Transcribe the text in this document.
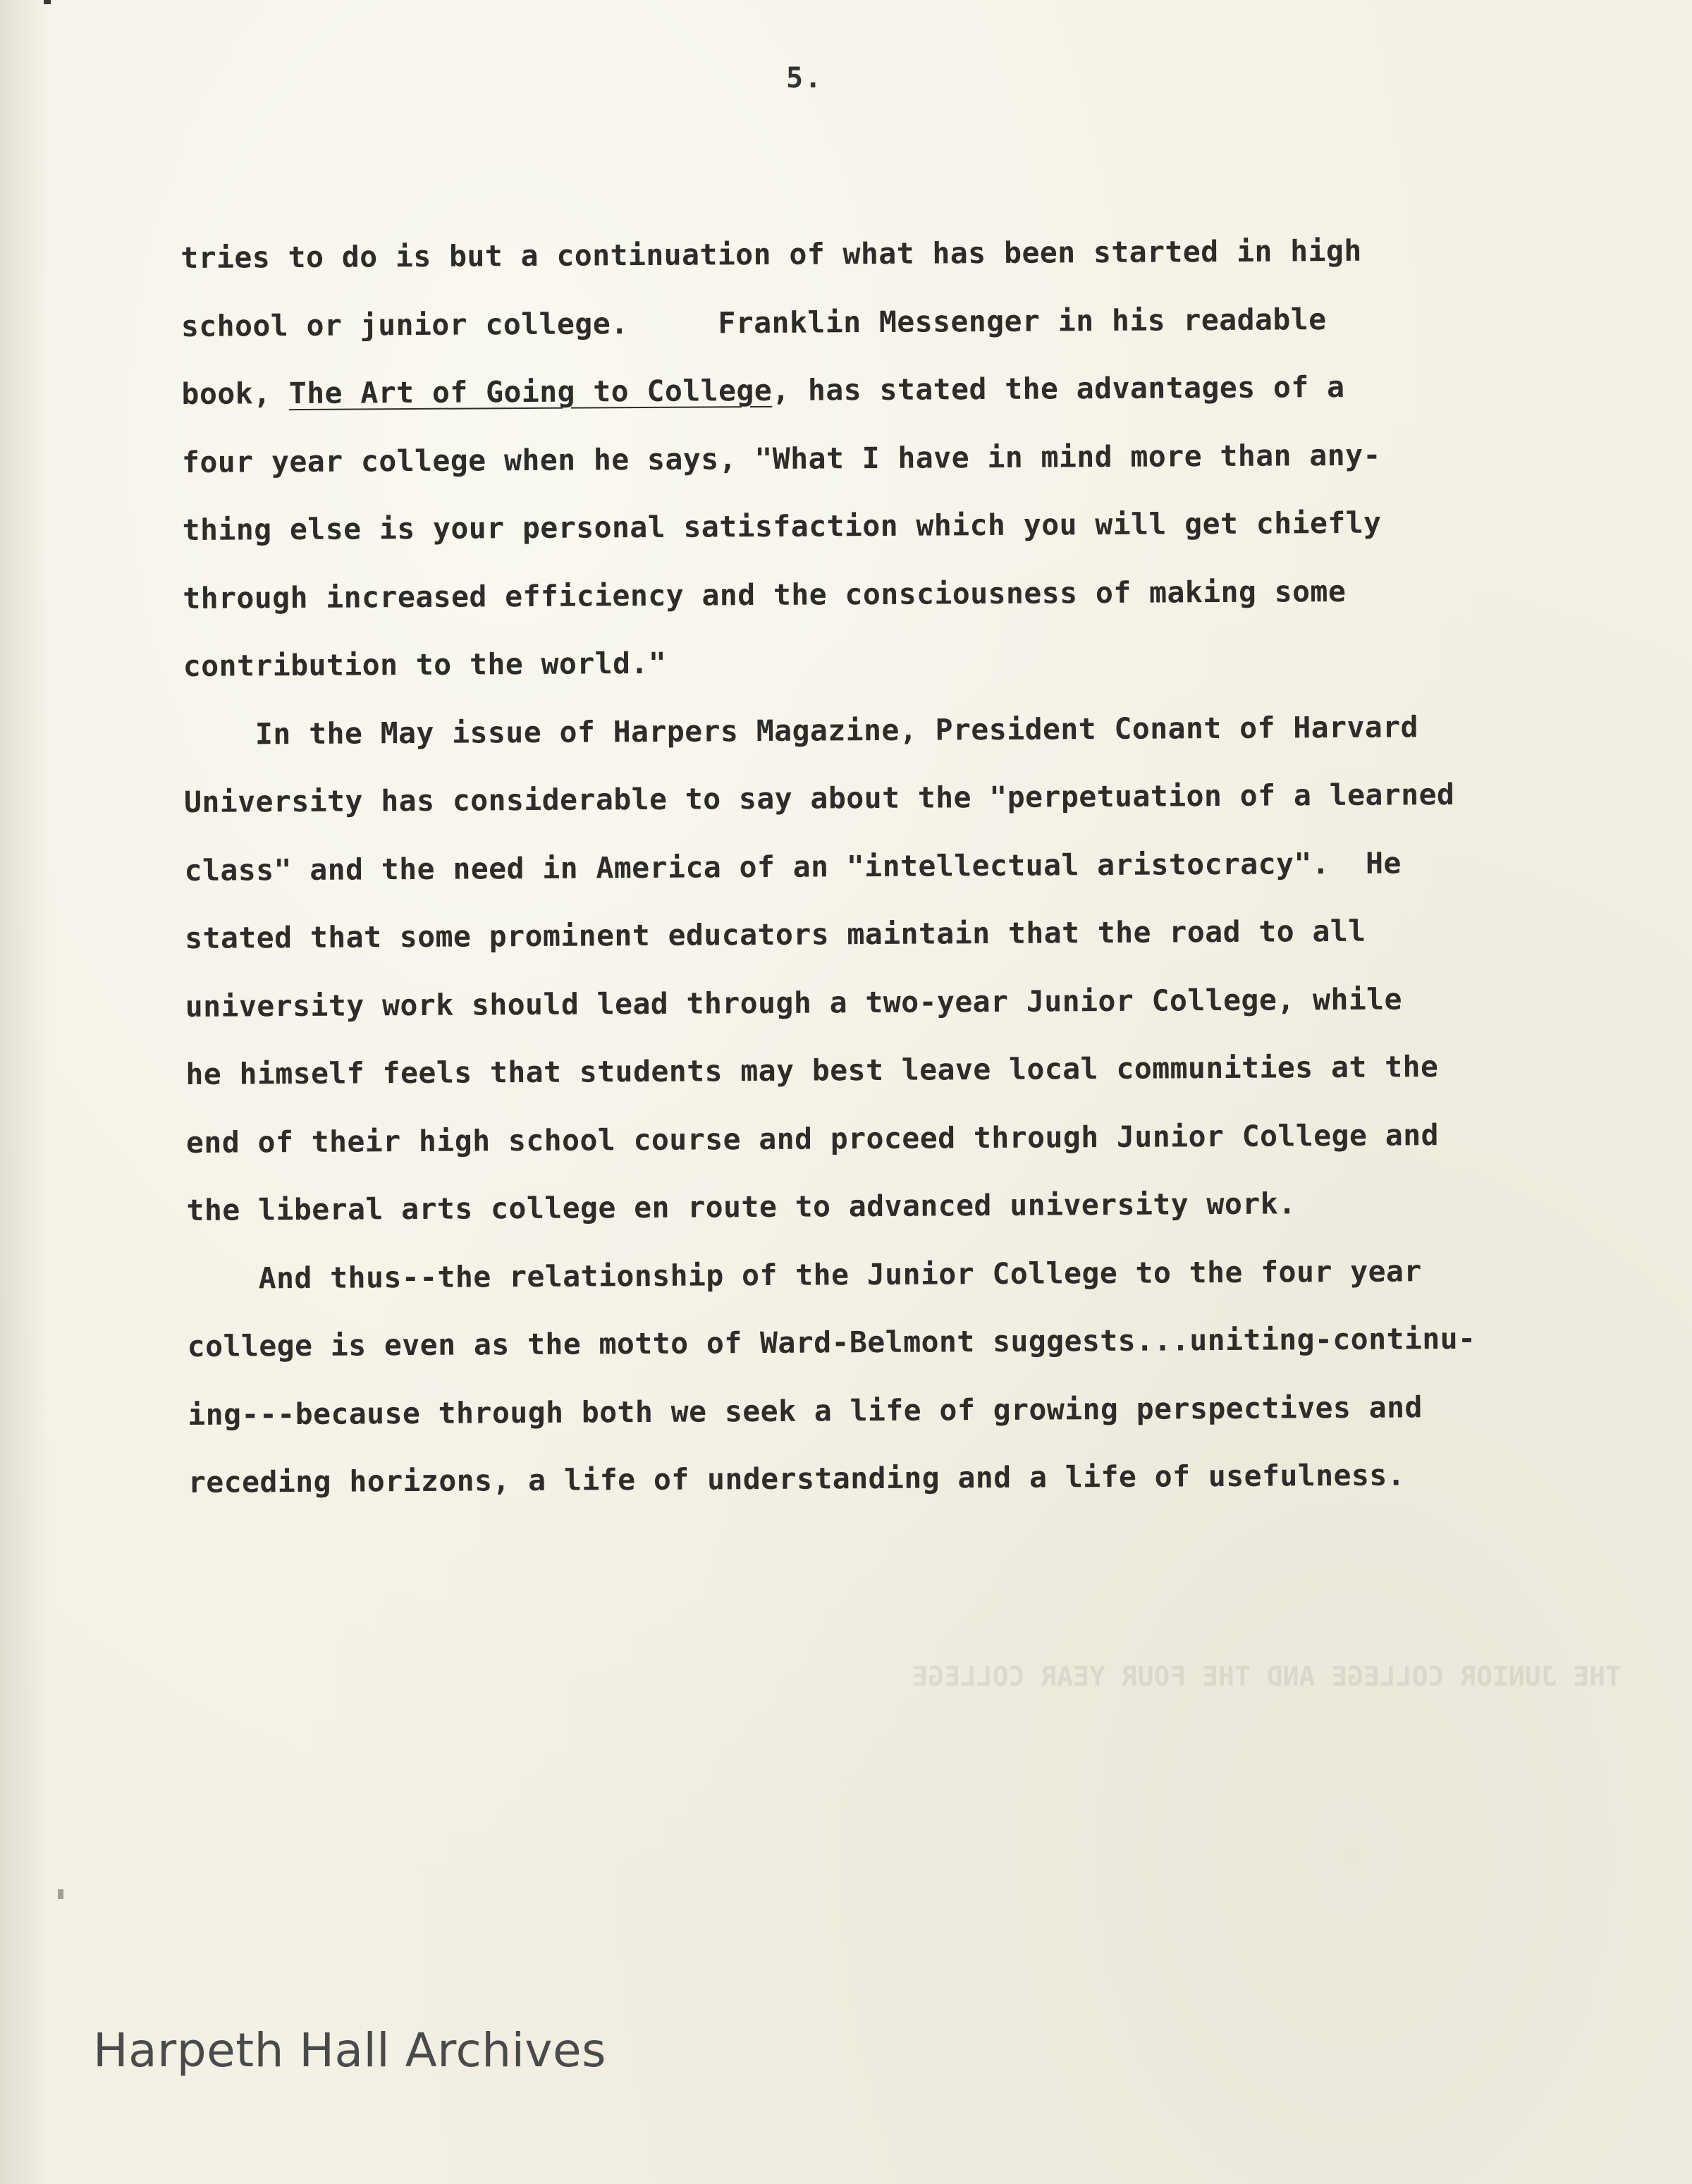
5.
tries to do is but a continuation of what has been started in high
school or junior college.     Franklin Messenger in his readable
book, The Art of Going to College, has stated the advantages of a
four year college when he says, "What I have in mind more than any-
thing else is your personal satisfaction which you will get chiefly
through increased efficiency and the consciousness of making some
contribution to the world."
In the May issue of Harpers Magazine, President Conant of Harvard
University has considerable to say about the "perpetuation of a learned
class" and the need in America of an "intellectual aristocracy".  He
stated that some prominent educators maintain that the road to all
university work should lead through a two-year Junior College, while
he himself feels that students may best leave local communities at the
end of their high school course and proceed through Junior College and
the liberal arts college en route to advanced university work.
And thus--the relationship of the Junior College to the four year
college is even as the motto of Ward-Belmont suggests...uniting-continu-
ing---because through both we seek a life of growing perspectives and
receding horizons, a life of understanding and a life of usefulness.
THE JUNIOR COLLEGE AND THE FOUR YEAR COLLEGE
Harpeth Hall Archives
